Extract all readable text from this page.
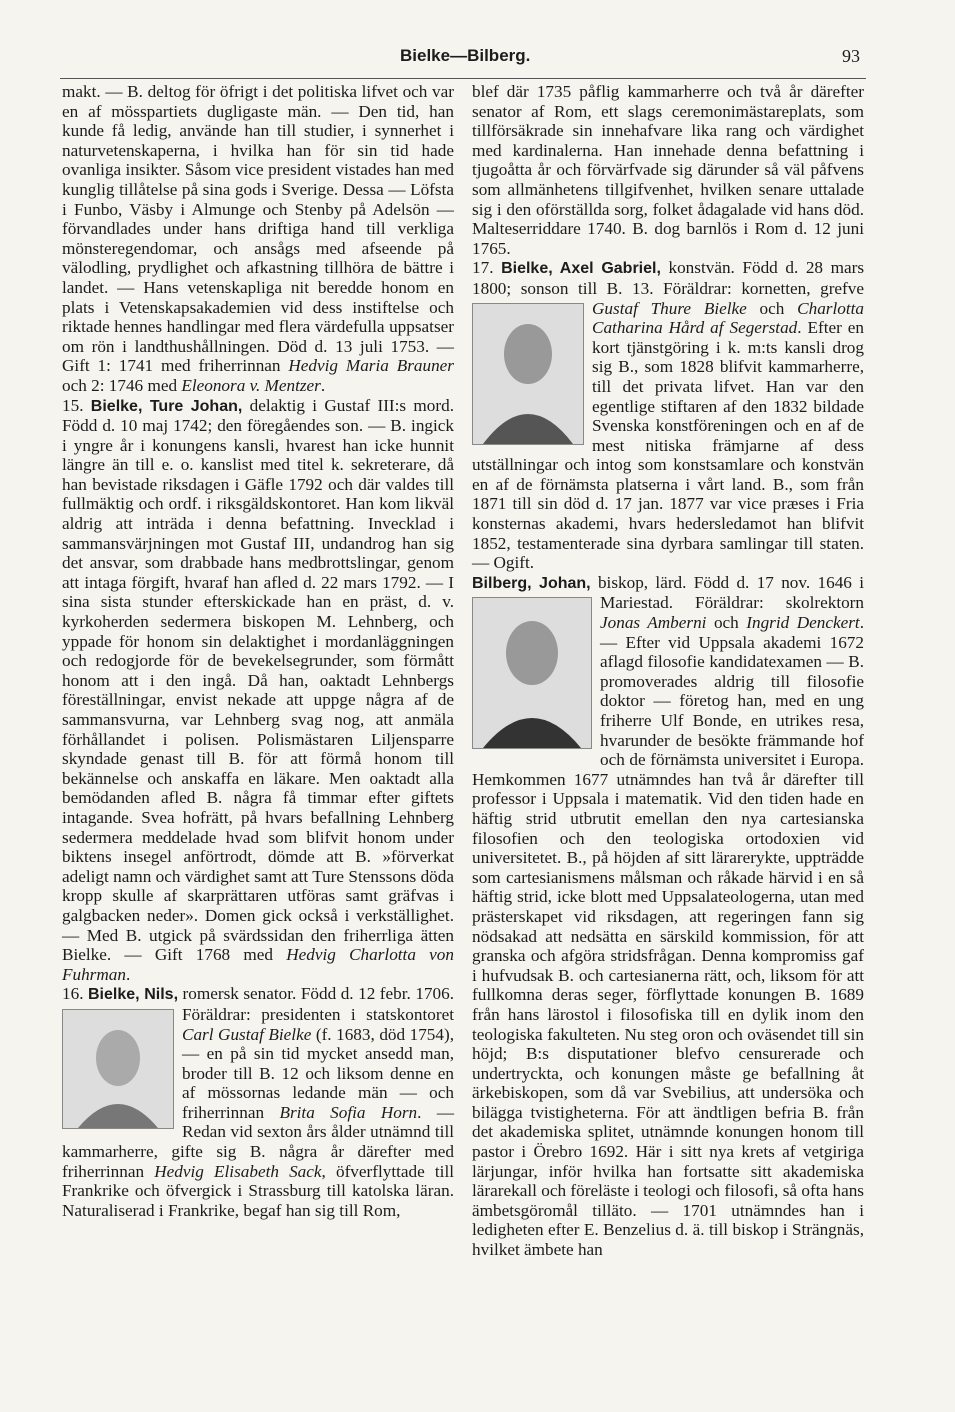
Bielke—Bilberg.	93

makt. — B. deltog för öfrigt i det politiska lifvet och var en af mösspartiets dugligaste män. — Den tid, han kunde få ledig, använde han till studier, i synnerhet i naturvetenskaperna, i hvilka han för sin tid hade ovanliga insikter. Såsom vice president vistades han med kunglig tillåtelse på sina gods i Sverige. Dessa — Löfsta i Funbo, Väsby i Almunge och Stenby på Adelsön — förvandlades under hans driftiga hand till verkliga mönsteregendomar, och ansågs med afseende på välodling, prydlighet och afkastning tillhöra de bättre i landet. — Hans vetenskapliga nit beredde honom en plats i Vetenskapsakademien vid dess instiftelse och riktade hennes handlingar med flera värdefulla uppsatser om rön i landthushållningen. Död d. 13 juli 1753. — Gift 1: 1741 med friherrinnan Hedvig Maria Brauner och 2: 1746 med Eleonora v. Mentzer.

15. Bielke, Ture Johan, delaktig i Gustaf III:s mord. Född d. 10 maj 1742; den föregåendes son. — B. ingick i yngre år i konungens kansli, hvarest han icke hunnit längre än till e. o. kanslist med titel k. sekreterare, då han bevistade riksdagen i Gäfle 1792 och där valdes till fullmäktig och ordf. i riksgäldskontoret. Han kom likväl aldrig att inträda i denna befattning. Invecklad i sammansvärjningen mot Gustaf III, undandrog han sig det ansvar, som drabbade hans medbrottslingar, genom att intaga förgift, hvaraf han afled d. 22 mars 1792. — I sina sista stunder efterskickade han en präst, d. v. kyrkoherden sedermera biskopen M. Lehnberg, och yppade för honom sin delaktighet i mordanläggningen och redogjorde för de bevekelsegrunder, som förmått honom att i den ingå. Då han, oaktadt Lehnbergs föreställningar, envist nekade att uppge några af de sammansvurna, var Lehnberg svag nog, att anmäla förhållandet i polisen. Polismästaren Liljensparre skyndade genast till B. för att förmå honom till bekännelse och anskaffa en läkare. Men oaktadt alla bemödanden afled B. några få timmar efter giftets intagande. Svea hofrätt, på hvars befallning Lehnberg sedermera meddelade hvad som blifvit honom under biktens insegel anförtrodt, dömde att B. »förverkat adeligt namn och värdighet samt att Ture Stenssons döda kropp skulle af skarprättaren utföras samt gräfvas i galgbacken neder». Domen gick också i verkställighet. — Med B. utgick på svärdssidan den friherrliga ätten Bielke. — Gift 1768 med Hedvig Charlotta von Fuhrman.

16. Bielke, Nils, romersk senator. Född d. 12 febr. 1706. Föräldrar: presidenten i statskontoret
Carl Gustaf Bielke (f. 1683, död 1754), — en på sin tid mycket ansedd man, broder till B. 12 och liksom denne en af mössornas ledande män — och friherrinnan Brita Sofia Horn. — Redan vid sexton års ålder utnämnd till kammarherre, gifte sig B. några år därefter med friherrinnan Hedvig Elisabeth Sack, öfverflyttade till Frankrike och öfvergick i Strassburg till katolska läran. Naturaliserad i Frankrike, begaf han sig till Rom,

blef där 1735 påflig kammarherre och två år därefter senator af Rom, ett slags ceremonimästareplats, som tillförsäkrade sin innehafvare lika rang och värdighet med kardinalerna. Han innehade denna befattning i tjugoåtta år och förvärfvade sig därunder så väl påfvens som allmänhetens tillgifvenhet, hvilken senare uttalade sig i den oförställda sorg, folket ådagalade vid hans död. Malteserriddare 1740. B. dog barnlös i Rom d. 12 juni 1765.

17. Bielke, Axel Gabriel, konstvän. Född d. 28 mars 1800; sonson till B. 13. Föräldrar: kornetten, grefve
Gustaf Thure Bielke och Charlotta Catharina Hård af Segerstad. Efter en kort tjänstgöring i k. m:ts kansli drog sig B., som 1828 blifvit kammarherre, till det privata lifvet. Han var den egentlige stiftaren af den 1832 bildade Svenska konstföreningen och en af de mest nitiska främjarne af dess utställningar och intog som konstsamlare och konstvän en af de förnämsta platserna i vårt land. B., som från 1871 till sin död d. 17 jan. 1877 var vice præses i Fria konsternas akademi, hvars hedersledamot han blifvit 1852, testamenterade sina dyrbara samlingar till staten. — Ogift.

Bilberg, Johan, biskop, lärd. Född d. 17 nov. 1646 i Mariestad. Föräldrar: skolrektorn
Jonas Amberni och Ingrid Denckert. — Efter vid Uppsala akademi 1672 aflagd filosofie kandidatexamen — B. promoverades aldrig till filosofie doktor — företog han, med en ung friherre Ulf Bonde, en utrikes resa, hvarunder de besökte främmande hof och de förnämsta universitet i Europa. Hemkommen 1677 utnämndes han två år därefter till professor i Uppsala i matematik. Vid den tiden hade en häftig strid utbrutit emellan den nya cartesianska filosofien och den teologiska ortodoxien vid universitetet. B., på höjden af sitt lärarerykte, uppträdde som cartesianismens målsman och råkade härvid i en så häftig strid, icke blott med Uppsalateologerna, utan med prästerskapet vid riksdagen, att regeringen fann sig nödsakad att nedsätta en särskild kommission, för att granska och afgöra stridsfrågan. Denna kompromiss gaf i hufvudsak B. och cartesianerna rätt, och, liksom för att fullkomna deras seger, förflyttade konungen B. 1689 från hans lärostol i filosofiska till en dylik inom den teologiska fakulteten. Nu steg oron och oväsendet till sin höjd; B:s disputationer blefvo censurerade och undertryckta, och konungen måste ge befallning åt ärkebiskopen, som då var Svebilius, att undersöka och bilägga tvistigheterna. För att ändtligen befria B. från det akademiska splitet, utnämnde konungen honom till pastor i Örebro 1692. Här i sitt nya krets af vetgiriga lärjungar, inför hvilka han fortsatte sitt akademiska lärarekall och föreläste i teologi och filosofi, så ofta hans ämbetsgöromål tilläto. — 1701 utnämndes han i ledigheten efter E. Benzelius d. ä. till biskop i Strängnäs, hvilket ämbete han
